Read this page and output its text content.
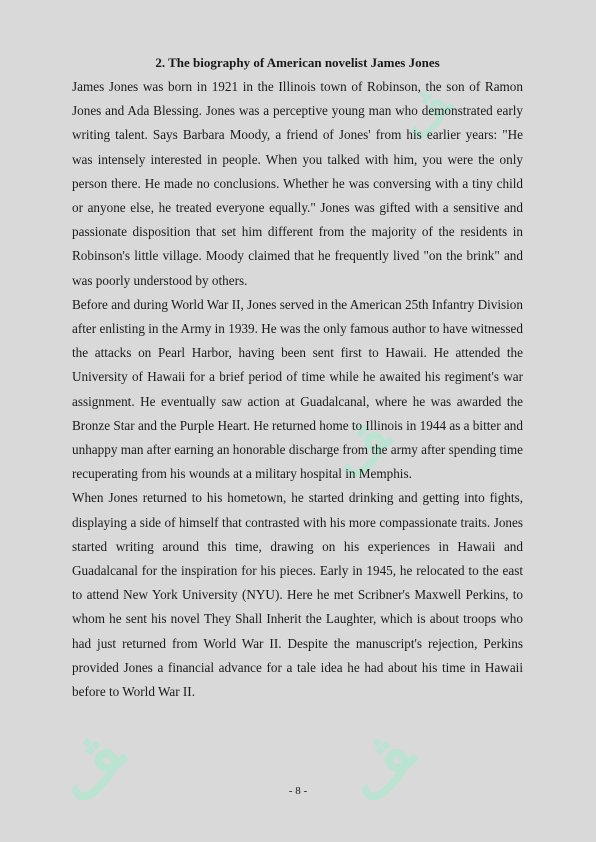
ﭫ	ﭫ
ﭫ
ﭫ
2. The biography of American novelist James Jones

James Jones was born in 1921 in the Illinois town of Robinson, the son of Ramon Jones and Ada Blessing. Jones was a perceptive young man who demonstrated early writing talent. Says Barbara Moody, a friend of Jones' from his earlier years: "He was intensely interested in people. When you talked with him, you were the only person there. He made no conclusions. Whether he was conversing with a tiny child or anyone else, he treated everyone equally." Jones was gifted with a sensitive and passionate disposition that set him different from the majority of the residents in Robinson's little village. Moody claimed that he frequently lived "on the brink" and was poorly understood by others.

Before and during World War II, Jones served in the American 25th Infantry Division after enlisting in the Army in 1939. He was the only famous author to have witnessed the attacks on Pearl Harbor, having been sent first to Hawaii. He attended the University of Hawaii for a brief period of time while he awaited his regiment's war assignment. He eventually saw action at Guadalcanal, where he was awarded the Bronze Star and the Purple Heart. He returned home to Illinois in 1944 as a bitter and unhappy man after earning an honorable discharge from the army after spending time recuperating from his wounds at a military hospital in Memphis.

When Jones returned to his hometown, he started drinking and getting into fights, displaying a side of himself that contrasted with his more compassionate traits. Jones started writing around this time, drawing on his experiences in Hawaii and Guadalcanal for the inspiration for his pieces. Early in 1945, he relocated to the east to attend New York University (NYU). Here he met Scribner's Maxwell Perkins, to whom he sent his novel They Shall Inherit the Laughter, which is about troops who had just returned from World War II. Despite the manuscript's rejection, Perkins provided Jones a financial advance for a tale idea he had about his time in Hawaii before to World War II.

- 8 -
